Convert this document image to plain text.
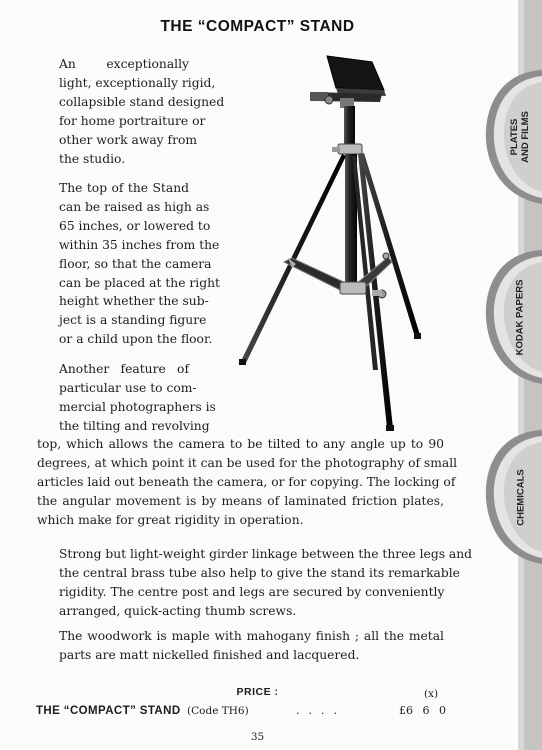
THE “COMPACT” STAND

An exceptionally
light, exceptionally rigid,
collapsible stand designed
for home portraiture or
other work away from
the studio.

The top of the Stand
can be raised as high as
65 inches, or lowered to
within 35 inches from the
floor, so that the camera
can be placed at the right
height whether the sub-
ject is a standing figure
or a child upon the floor.

Another feature of
particular use to com-
mercial photographers is
the tilting and revolving

top, which allows the camera to be tilted to any angle up to 90
degrees, at which point it can be used for the photography of small
articles laid out beneath the camera, or for copying. The locking of
the angular movement is by means of laminated friction plates,
which make for great rigidity in operation.

Strong but light-weight girder linkage between the three legs and
the central brass tube also help to give the stand its remarkable
rigidity. The centre post and legs are secured by conveniently
arranged, quick-acting thumb screws.

The woodwork is maple with mahogany finish ; all the metal
parts are matt nickelled finished and lacquered.

PRICE :	(x)
THE “COMPACT” STAND (Code TH6)	....	£6 6 0
35
PLATES
AND FILMS
KODAK PAPERS
CHEMICALS
